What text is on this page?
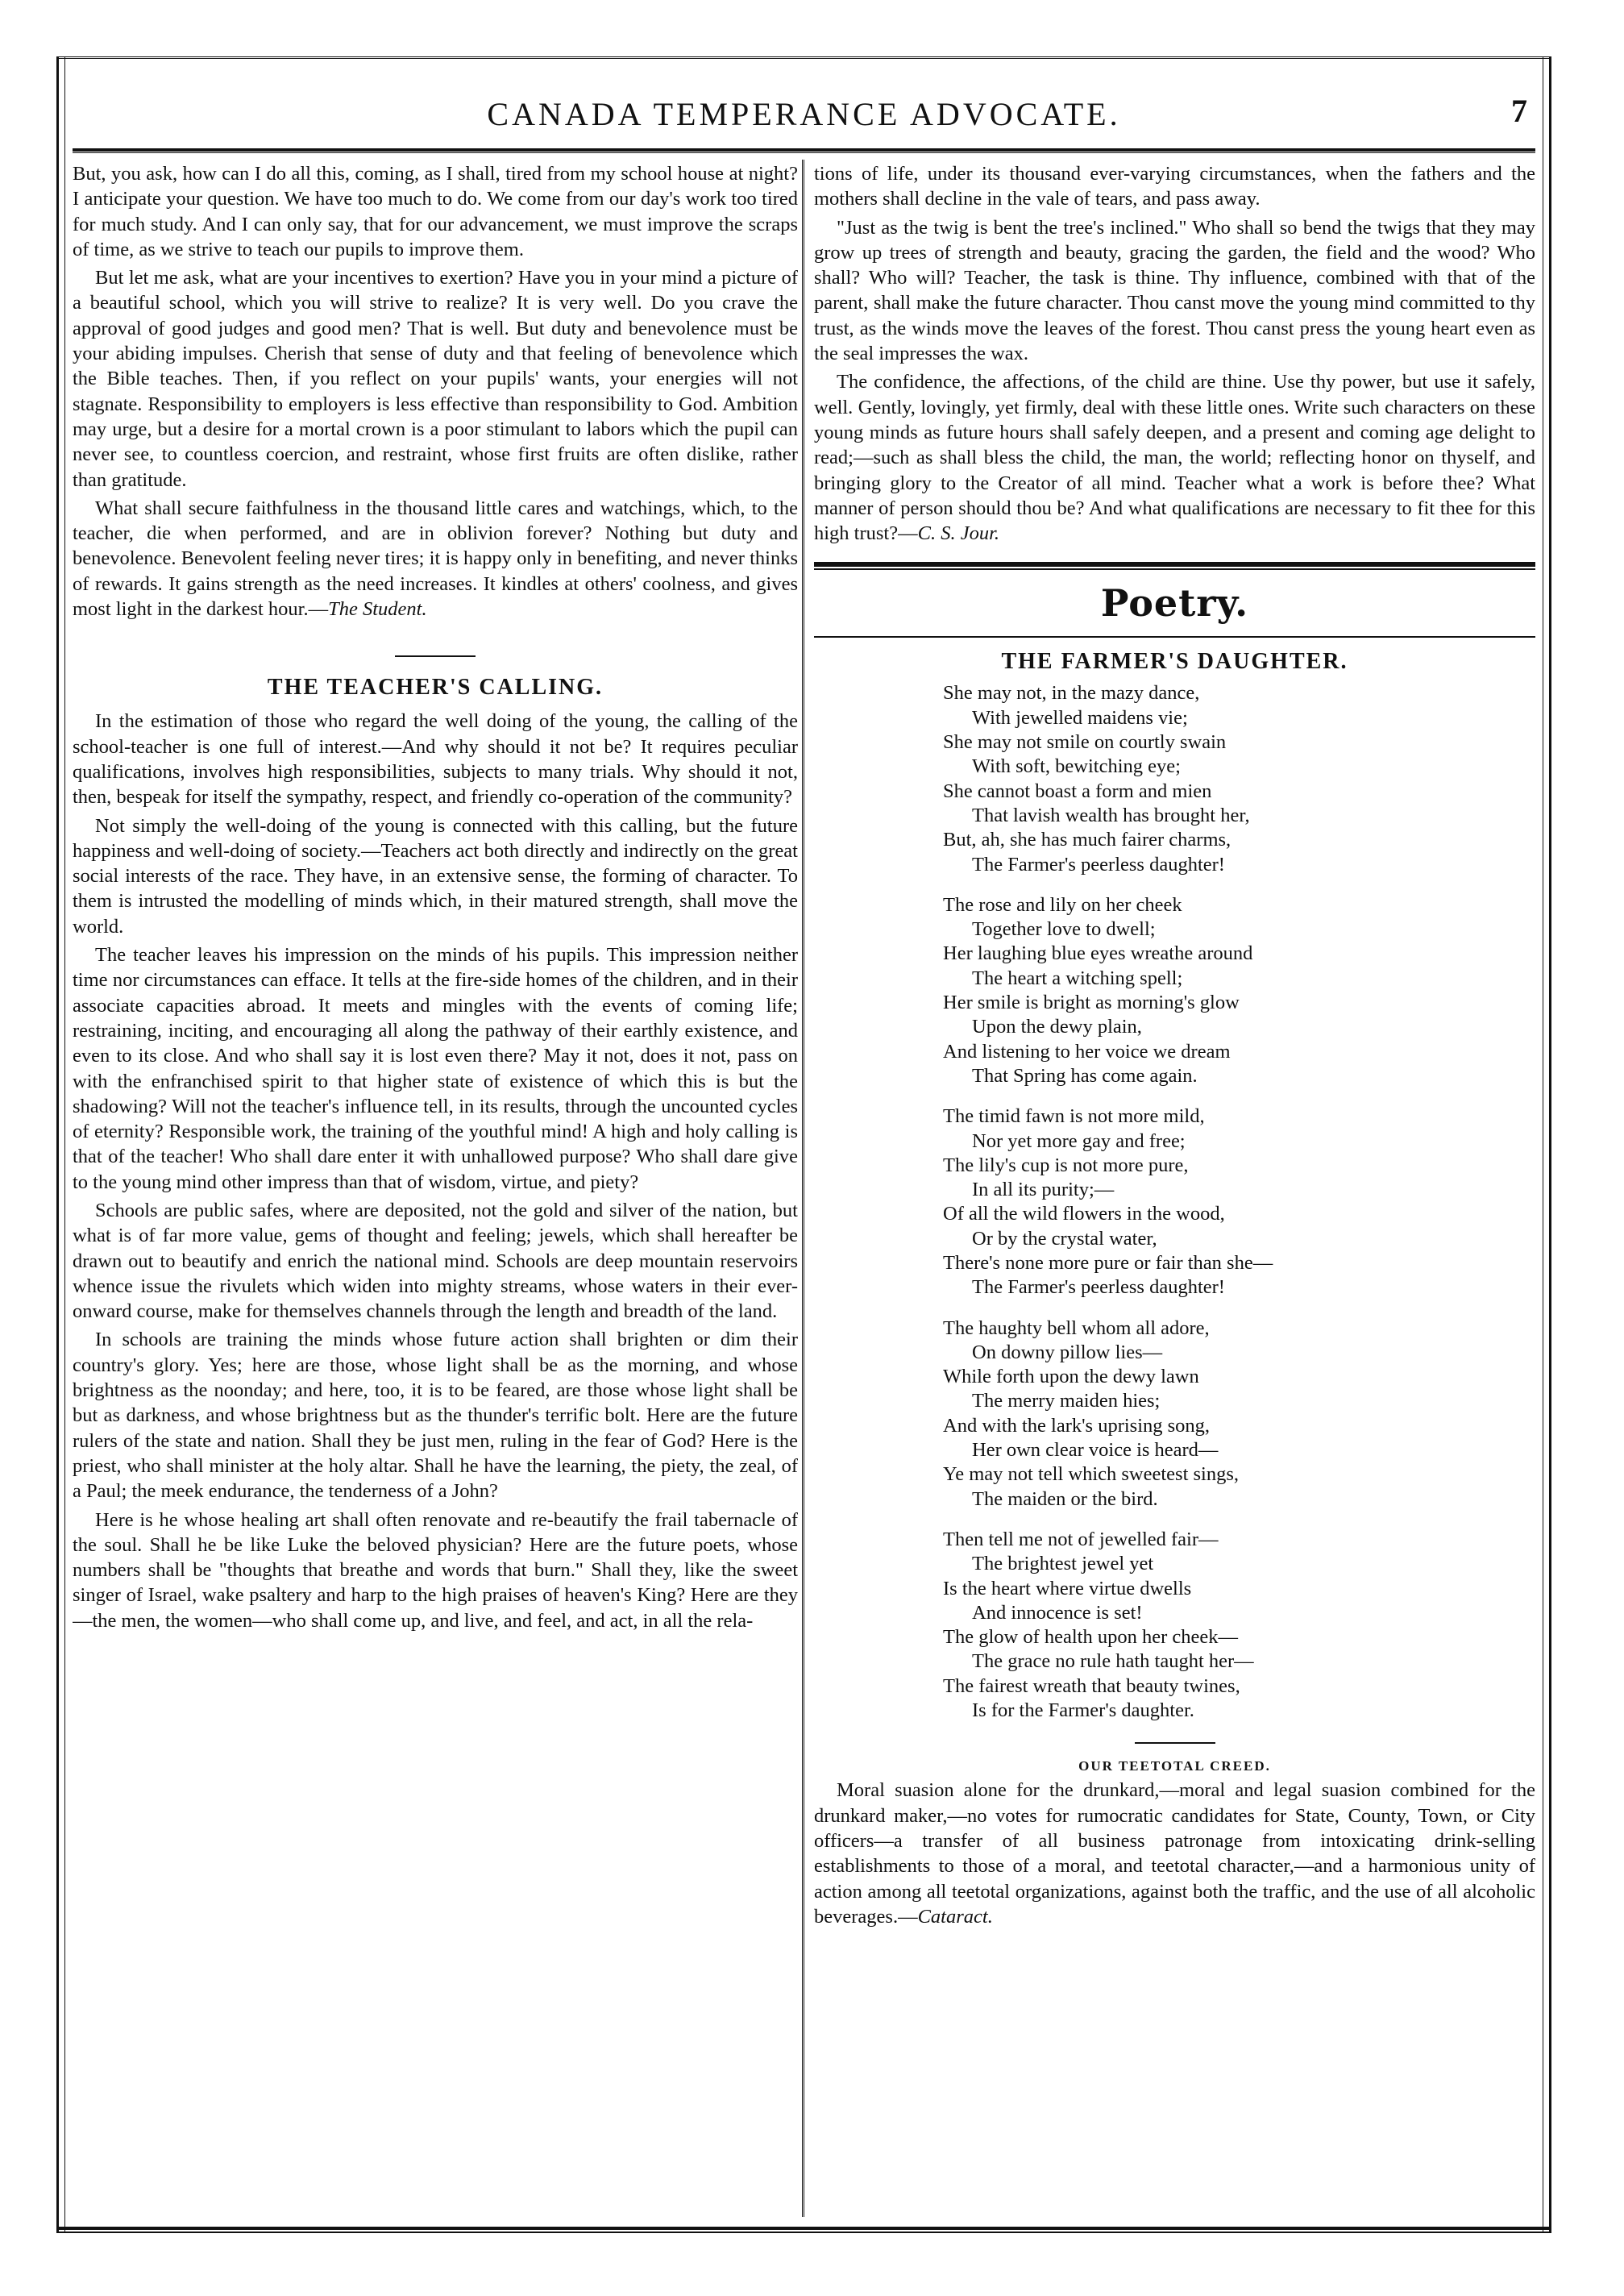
CANADA TEMPERANCE ADVOCATE.	7

But, you ask, how can I do all this, coming, as I shall, tired from my school house at night? I anticipate your question. We have too much to do. We come from our day's work too tired for much study. And I can only say, that for our advancement, we must improve the scraps of time, as we strive to teach our pupils to improve them.

But let me ask, what are your incentives to exertion? Have you in your mind a picture of a beautiful school, which you will strive to realize? It is very well. Do you crave the approval of good judges and good men? That is well. But duty and benevolence must be your abiding impulses. Cherish that sense of duty and that feeling of benevolence which the Bible teaches. Then, if you reflect on your pupils' wants, your energies will not stagnate. Responsibility to employers is less effective than responsibility to God. Ambition may urge, but a desire for a mortal crown is a poor stimulant to labors which the pupil can never see, to countless coercion, and restraint, whose first fruits are often dislike, rather than gratitude.

What shall secure faithfulness in the thousand little cares and watchings, which, to the teacher, die when performed, and are in oblivion forever? Nothing but duty and benevolence. Benevolent feeling never tires; it is happy only in benefiting, and never thinks of rewards. It gains strength as the need increases. It kindles at others' coolness, and gives most light in the darkest hour.—The Student.

THE TEACHER'S CALLING.

In the estimation of those who regard the well doing of the young, the calling of the school-teacher is one full of interest.—And why should it not be? It requires peculiar qualifications, involves high responsibilities, subjects to many trials. Why should it not, then, bespeak for itself the sympathy, respect, and friendly co-operation of the community?

Not simply the well-doing of the young is connected with this calling, but the future happiness and well-doing of society.—Teachers act both directly and indirectly on the great social interests of the race. They have, in an extensive sense, the forming of character. To them is intrusted the modelling of minds which, in their matured strength, shall move the world.

The teacher leaves his impression on the minds of his pupils. This impression neither time nor circumstances can efface. It tells at the fire-side homes of the children, and in their associate capacities abroad. It meets and mingles with the events of coming life; restraining, inciting, and encouraging all along the pathway of their earthly existence, and even to its close. And who shall say it is lost even there? May it not, does it not, pass on with the enfranchised spirit to that higher state of existence of which this is but the shadowing? Will not the teacher's influence tell, in its results, through the uncounted cycles of eternity? Responsible work, the training of the youthful mind! A high and holy calling is that of the teacher! Who shall dare enter it with unhallowed purpose? Who shall dare give to the young mind other impress than that of wisdom, virtue, and piety?

Schools are public safes, where are deposited, not the gold and silver of the nation, but what is of far more value, gems of thought and feeling; jewels, which shall hereafter be drawn out to beautify and enrich the national mind. Schools are deep mountain reservoirs whence issue the rivulets which widen into mighty streams, whose waters in their ever-onward course, make for themselves channels through the length and breadth of the land.

In schools are training the minds whose future action shall brighten or dim their country's glory. Yes; here are those, whose light shall be as the morning, and whose brightness as the noonday; and here, too, it is to be feared, are those whose light shall be but as darkness, and whose brightness but as the thunder's terrific bolt. Here are the future rulers of the state and nation. Shall they be just men, ruling in the fear of God? Here is the priest, who shall minister at the holy altar. Shall he have the learning, the piety, the zeal, of a Paul; the meek endurance, the tenderness of a John?

Here is he whose healing art shall often renovate and re-beautify the frail tabernacle of the soul. Shall he be like Luke the beloved physician? Here are the future poets, whose numbers shall be "thoughts that breathe and words that burn." Shall they, like the sweet singer of Israel, wake psaltery and harp to the high praises of heaven's King? Here are they—the men, the women—who shall come up, and live, and feel, and act, in all the rela-

tions of life, under its thousand ever-varying circumstances, when the fathers and the mothers shall decline in the vale of tears, and pass away.

"Just as the twig is bent the tree's inclined." Who shall so bend the twigs that they may grow up trees of strength and beauty, gracing the garden, the field and the wood? Who shall? Who will? Teacher, the task is thine. Thy influence, combined with that of the parent, shall make the future character. Thou canst move the young mind committed to thy trust, as the winds move the leaves of the forest. Thou canst press the young heart even as the seal impresses the wax.

The confidence, the affections, of the child are thine. Use thy power, but use it safely, well. Gently, lovingly, yet firmly, deal with these little ones. Write such characters on these young minds as future hours shall safely deepen, and a present and coming age delight to read;—such as shall bless the child, the man, the world; reflecting honor on thyself, and bringing glory to the Creator of all mind. Teacher what a work is before thee? What manner of person should thou be? And what qualifications are necessary to fit thee for this high trust?—C. S. Jour.

Poetry.
THE FARMER'S DAUGHTER.
She may not, in the mazy dance,
With jewelled maidens vie;
She may not smile on courtly swain
With soft, bewitching eye;
She cannot boast a form and mien
That lavish wealth has brought her,
But, ah, she has much fairer charms,
The Farmer's peerless daughter!
The rose and lily on her cheek
Together love to dwell;
Her laughing blue eyes wreathe around
The heart a witching spell;
Her smile is bright as morning's glow
Upon the dewy plain,
And listening to her voice we dream
That Spring has come again.
The timid fawn is not more mild,
Nor yet more gay and free;
The lily's cup is not more pure,
In all its purity;—
Of all the wild flowers in the wood,
Or by the crystal water,
There's none more pure or fair than she—
The Farmer's peerless daughter!
The haughty bell whom all adore,
On downy pillow lies—
While forth upon the dewy lawn
The merry maiden hies;
And with the lark's uprising song,
Her own clear voice is heard—
Ye may not tell which sweetest sings,
The maiden or the bird.
Then tell me not of jewelled fair—
The brightest jewel yet
Is the heart where virtue dwells
And innocence is set!
The glow of health upon her cheek—
The grace no rule hath taught her—
The fairest wreath that beauty twines,
Is for the Farmer's daughter.
OUR TEETOTAL CREED.

Moral suasion alone for the drunkard,—moral and legal suasion combined for the drunkard maker,—no votes for rumocratic candidates for State, County, Town, or City officers—a transfer of all business patronage from intoxicating drink-selling establishments to those of a moral, and teetotal character,—and a harmonious unity of action among all teetotal organizations, against both the traffic, and the use of all alcoholic beverages.—Cataract.
